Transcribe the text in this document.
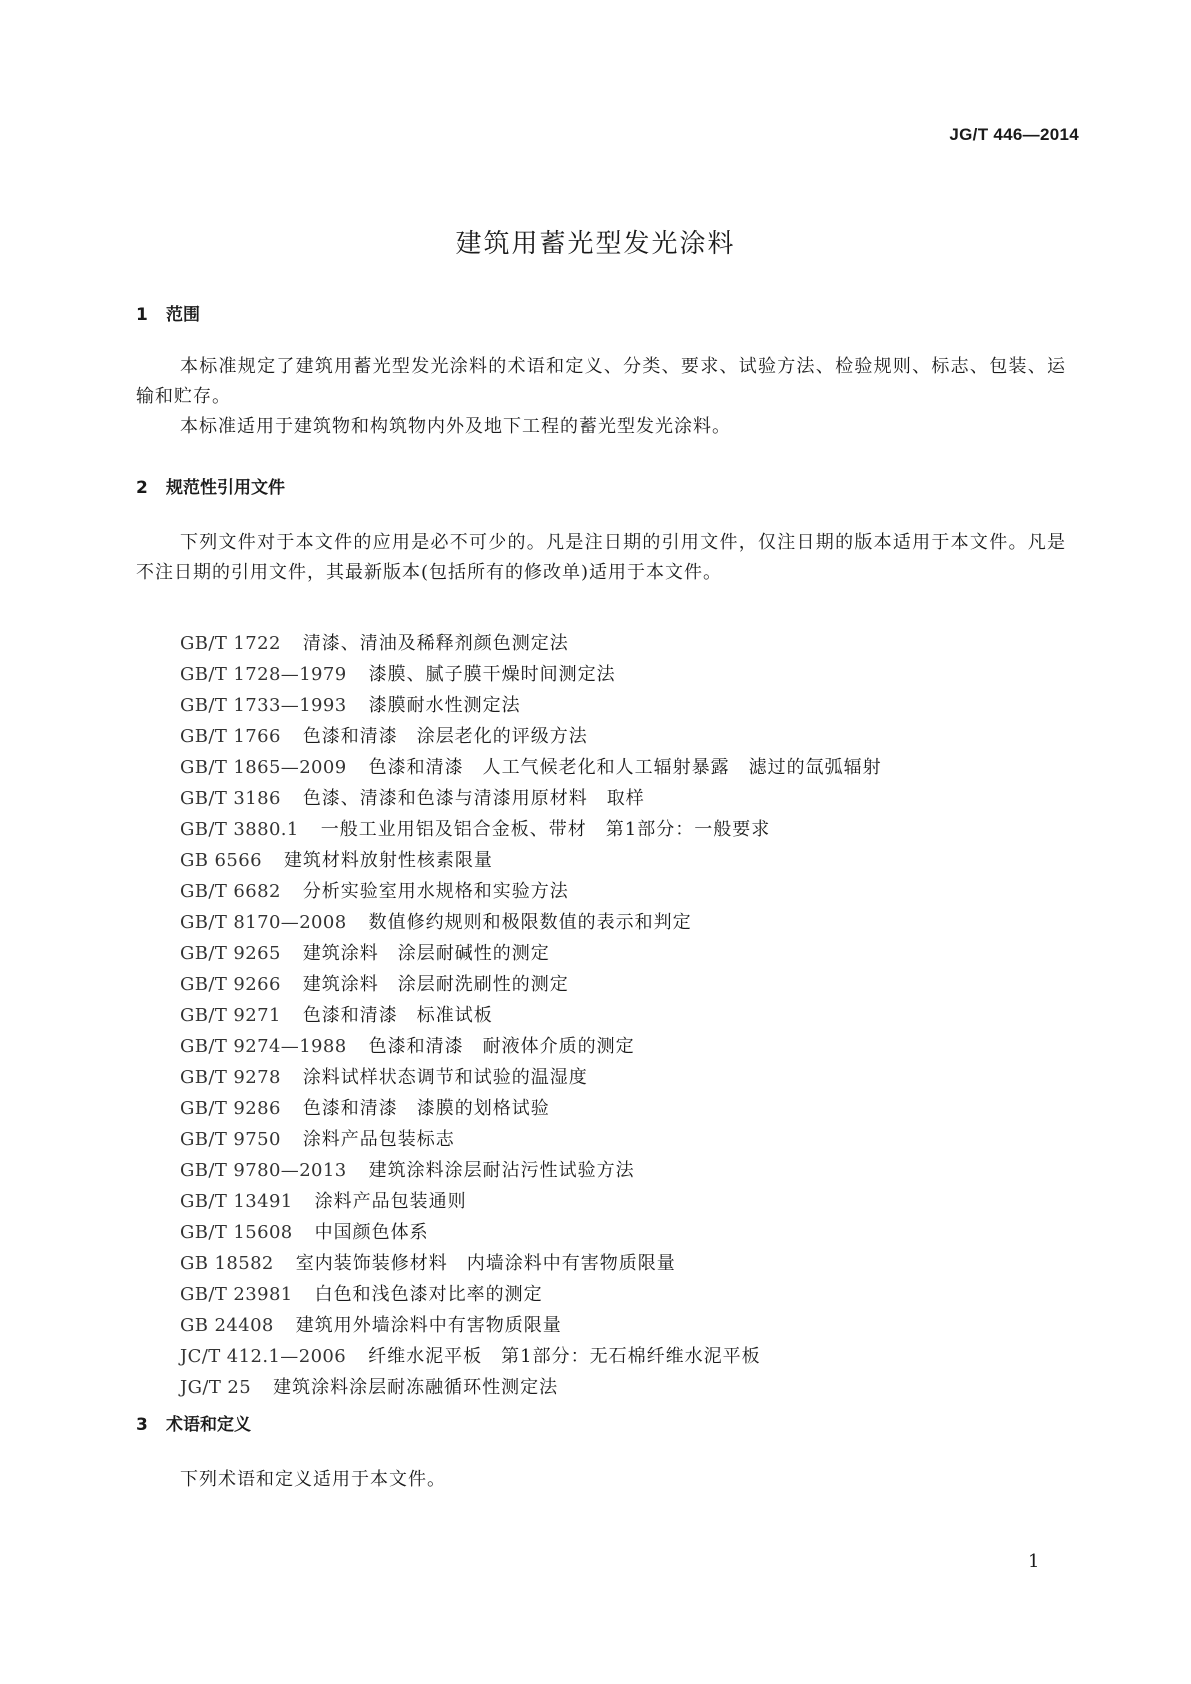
JG/T 446—2014
建筑用蓄光型发光涂料
1 范围

本标准规定了建筑用蓄光型发光涂料的术语和定义、分类、要求、试验方法、检验规则、标志、包装、运输和贮存。

本标准适用于建筑物和构筑物内外及地下工程的蓄光型发光涂料。

2 规范性引用文件

下列文件对于本文件的应用是必不可少的。凡是注日期的引用文件，仅注日期的版本适用于本文件。凡是不注日期的引用文件，其最新版本(包括所有的修改单)适用于本文件。

GB/T 1722 清漆、清油及稀释剂颜色测定法
GB/T 1728—1979 漆膜、腻子膜干燥时间测定法
GB/T 1733—1993 漆膜耐水性测定法
GB/T 1766 色漆和清漆　涂层老化的评级方法
GB/T 1865—2009 色漆和清漆　人工气候老化和人工辐射暴露　滤过的氙弧辐射
GB/T 3186 色漆、清漆和色漆与清漆用原材料　取样
GB/T 3880.1 一般工业用铝及铝合金板、带材　第1部分：一般要求
GB 6566 建筑材料放射性核素限量
GB/T 6682 分析实验室用水规格和实验方法
GB/T 8170—2008 数值修约规则和极限数值的表示和判定
GB/T 9265 建筑涂料　涂层耐碱性的测定
GB/T 9266 建筑涂料　涂层耐洗刷性的测定
GB/T 9271 色漆和清漆　标准试板
GB/T 9274—1988 色漆和清漆　耐液体介质的测定
GB/T 9278 涂料试样状态调节和试验的温湿度
GB/T 9286 色漆和清漆　漆膜的划格试验
GB/T 9750 涂料产品包装标志
GB/T 9780—2013 建筑涂料涂层耐沾污性试验方法
GB/T 13491 涂料产品包装通则
GB/T 15608 中国颜色体系
GB 18582 室内装饰装修材料　内墙涂料中有害物质限量
GB/T 23981 白色和浅色漆对比率的测定
GB 24408 建筑用外墙涂料中有害物质限量
JC/T 412.1—2006 纤维水泥平板　第1部分：无石棉纤维水泥平板
JG/T 25 建筑涂料涂层耐冻融循环性测定法
3 术语和定义

下列术语和定义适用于本文件。

1
